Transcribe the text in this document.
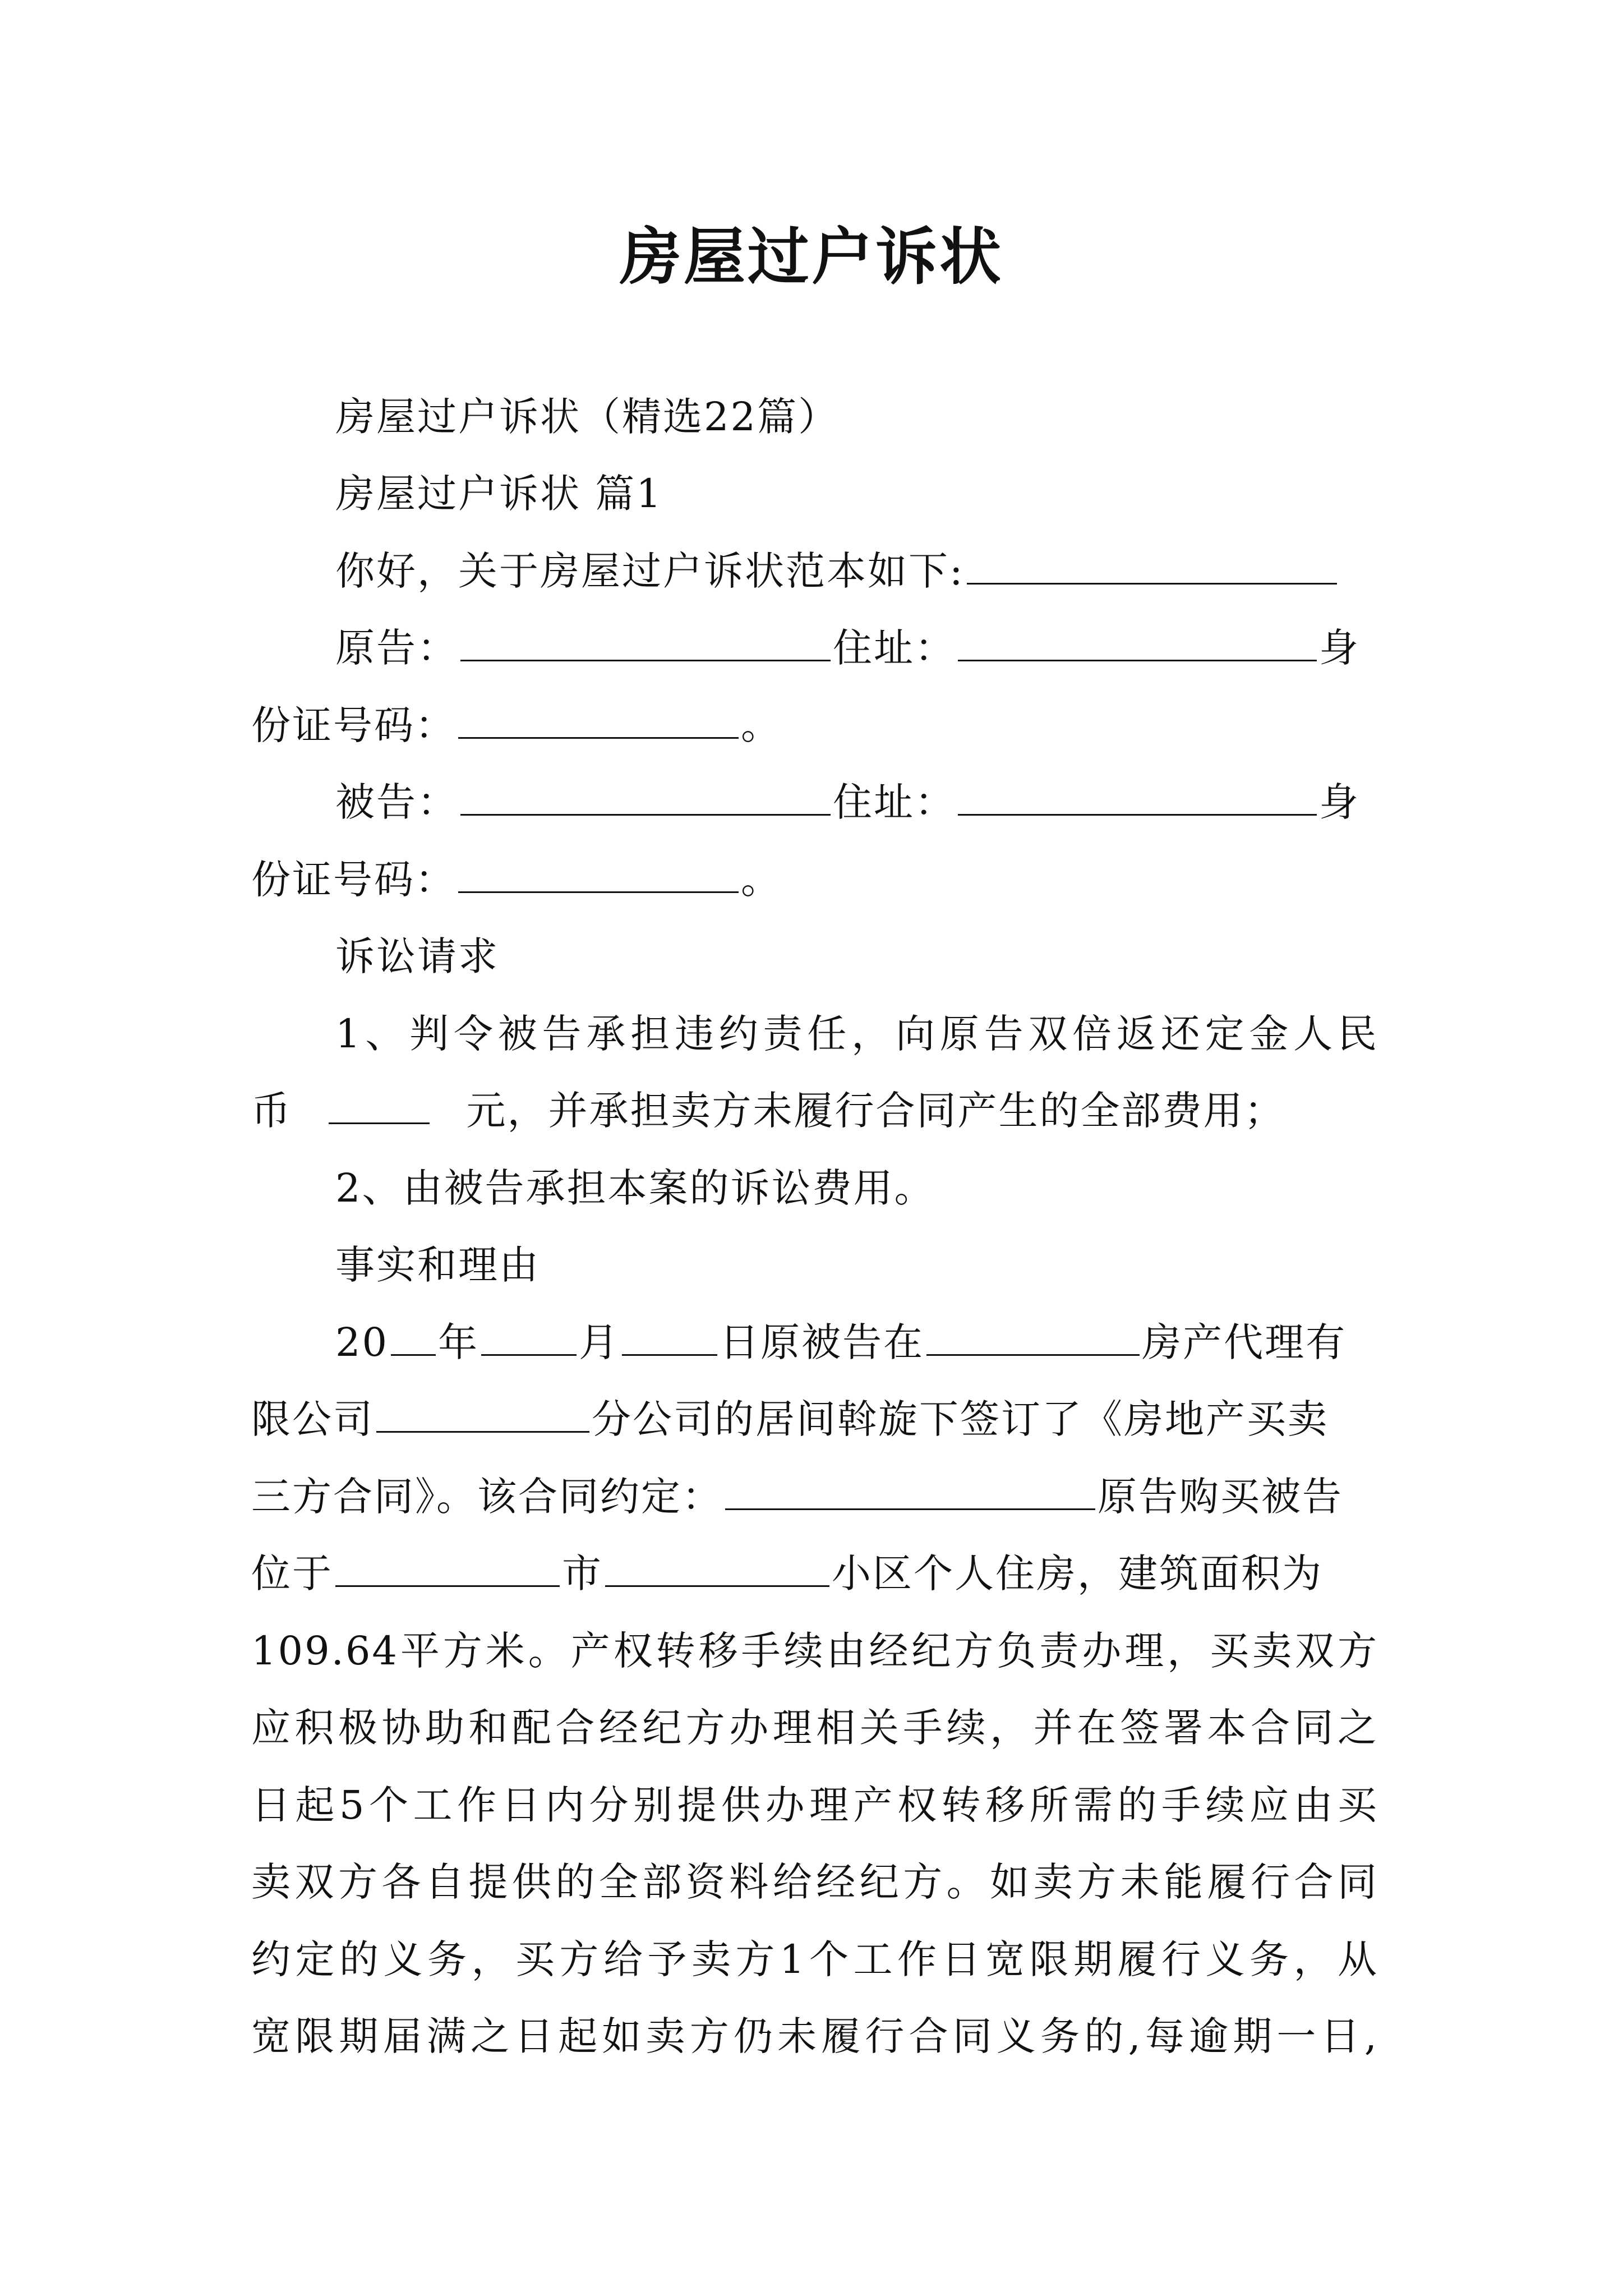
房屋过户诉状
房屋过户诉状（精选22篇）
房屋过户诉状 篇1
你好，关于房屋过户诉状范本如下:
原告：	住址：	身
份证号码：	。
被告：	住址：	身
份证号码：	。
诉讼请求
1、判令被告承担违约责任，向原告双倍返还定金人民
币	元，并承担卖方未履行合同产生的全部费用；
2、由被告承担本案的诉讼费用。
事实和理由
20 年	月	日原被告在	房产代理有
限公司	分公司的居间斡旋下签订了《房地产买卖
三方合同》。该合同约定：	原告购买被告
位于	市	小区个人住房，建筑面积为
109.64平方米。产权转移手续由经纪方负责办理，买卖双方
应积极协助和配合经纪方办理相关手续，并在签署本合同之
日起5个工作日内分别提供办理产权转移所需的手续应由买
卖双方各自提供的全部资料给经纪方。如卖方未能履行合同
约定的义务，买方给予卖方1个工作日宽限期履行义务，从
宽限期届满之日起如卖方仍未履行合同义务的,每逾期一日,
